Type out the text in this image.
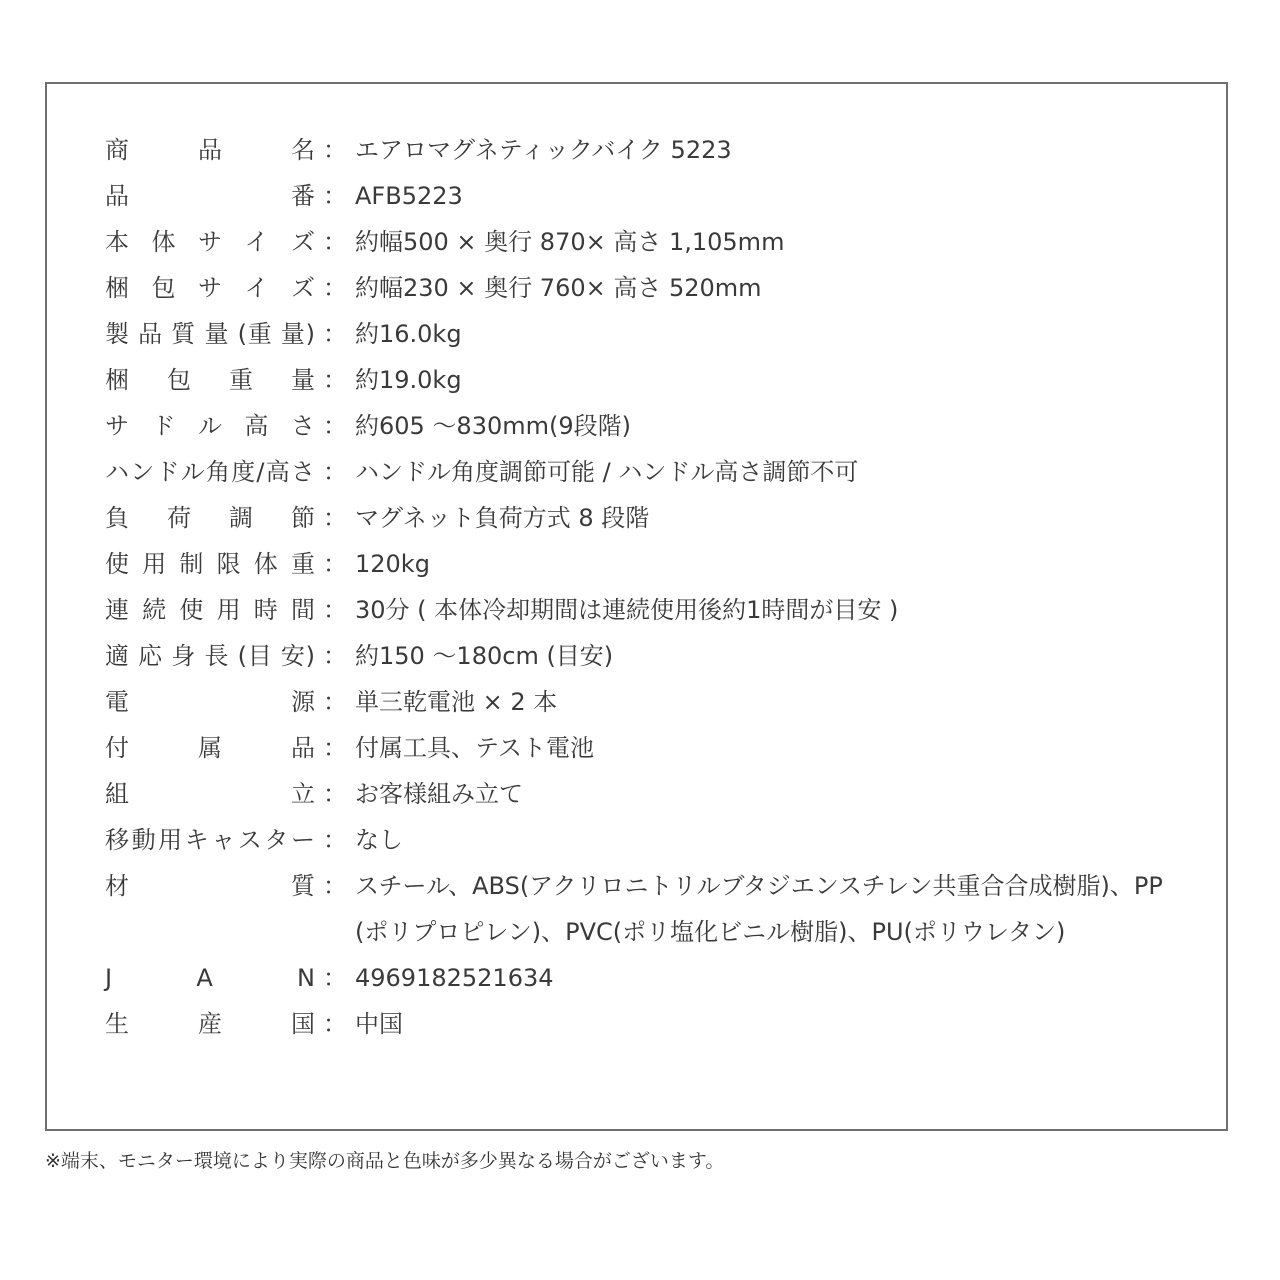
商 品 名 ： エアロマグネティックバイク 5223
品 番 ： AFB5223
本 体 サ イ ズ ： 約幅500 × 奥行 870× 高さ 1,105mm
梱 包 サ イ ズ ： 約幅230 × 奥行 760× 高さ 520mm
製 品 質 量 (重 量) ： 約16.0kg
梱 包 重 量 ： 約19.0kg
サ ド ル 高 さ ： 約605 ～830mm(9段階)
ハンドル角度/高さ ： ハンドル角度調節可能 / ハンドル高さ調節不可
負 荷 調 節 ： マグネット負荷方式 8 段階
使 用 制 限 体 重 ： 120kg
連 続 使 用 時 間 ： 30分 ( 本体冷却期間は連続使用後約1時間が目安 )
適 応 身 長 (目 安) ： 約150 ～180cm (目安)
電 源 ： 単三乾電池 × 2 本
付 属 品 ： 付属工具、テスト電池
組 立 ： お客様組み立て
移動用キャスター ： なし
材 質 ： スチール、ABS(アクリロニトリルブタジエンスチレン共重合合成樹脂)、PP(ポリプロピレン)、PVC(ポリ塩化ビニル樹脂)、PU(ポリウレタン)
J A N ： 4969182521634
生 産 国 ： 中国
※端末、モニター環境により実際の商品と色味が多少異なる場合がございます。
